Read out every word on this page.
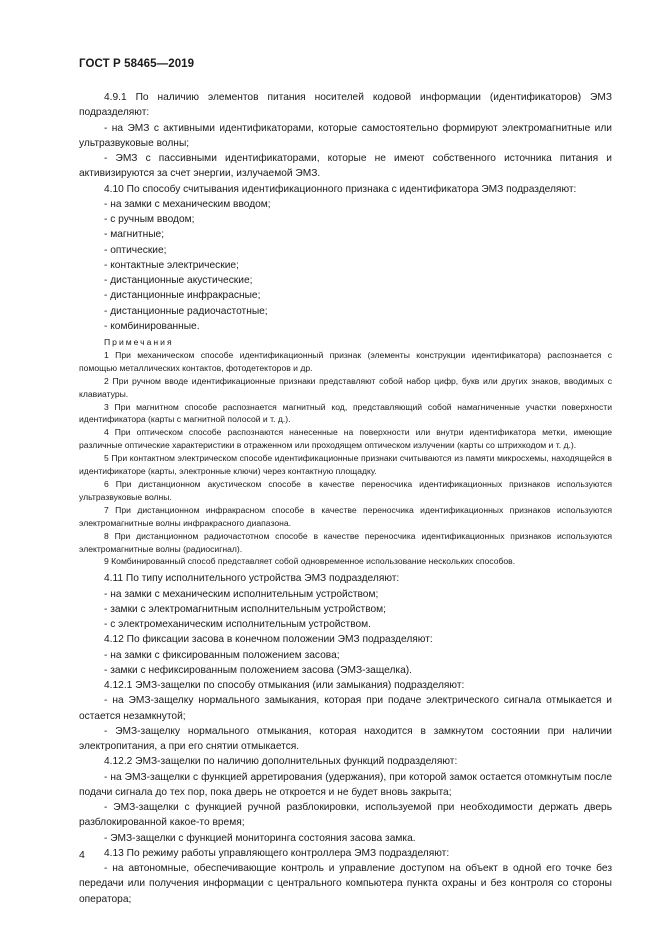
ГОСТ Р 58465—2019

4.9.1 По наличию элементов питания носителей кодовой информации (идентификаторов) ЭМЗ подразделяют:

- на ЭМЗ с активными идентификаторами, которые самостоятельно формируют электромагнитные или ультразвуковые волны;

- ЭМЗ с пассивными идентификаторами, которые не имеют собственного источника питания и активизируются за счет энергии, излучаемой ЭМЗ.

4.10 По способу считывания идентификационного признака с идентификатора ЭМЗ подразделяют:

- на замки с механическим вводом;

- с ручным вводом;

- магнитные;

- оптические;

- контактные электрические;

- дистанционные акустические;

- дистанционные инфракрасные;

- дистанционные радиочастотные;

- комбинированные.

Примечания

1 При механическом способе идентификационный признак (элементы конструкции идентификатора) распознается с помощью металлических контактов, фотодетекторов и др.

2 При ручном вводе идентификационные признаки представляют собой набор цифр, букв или других знаков, вводимых с клавиатуры.

3 При магнитном способе распознается магнитный код, представляющий собой намагниченные участки поверхности идентификатора (карты с магнитной полосой и т. д.).

4 При оптическом способе распознаются нанесенные на поверхности или внутри идентификатора метки, имеющие различные оптические характеристики в отраженном или проходящем оптическом излучении (карты со штрихкодом и т. д.).

5 При контактном электрическом способе идентификационные признаки считываются из памяти микросхемы, находящейся в идентификаторе (карты, электронные ключи) через контактную площадку.

6 При дистанционном акустическом способе в качестве переносчика идентификационных признаков используются ультразвуковые волны.

7 При дистанционном инфракрасном способе в качестве переносчика идентификационных признаков используются электромагнитные волны инфракрасного диапазона.

8 При дистанционном радиочастотном способе в качестве переносчика идентификационных признаков используются электромагнитные волны (радиосигнал).

9 Комбинированный способ представляет собой одновременное использование нескольких способов.

4.11 По типу исполнительного устройства ЭМЗ подразделяют:

- на замки с механическим исполнительным устройством;

- замки с электромагнитным исполнительным устройством;

- с электромеханическим исполнительным устройством.

4.12 По фиксации засова в конечном положении ЭМЗ подразделяют:

- на замки с фиксированным положением засова;

- замки с нефиксированным положением засова (ЭМЗ-защелка).

4.12.1 ЭМЗ-защелки по способу отмыкания (или замыкания) подразделяют:

- на ЭМЗ-защелку нормального замыкания, которая при подаче электрического сигнала отмыкается и остается незамкнутой;

- ЭМЗ-защелку нормального отмыкания, которая находится в замкнутом состоянии при наличии электропитания, а при его снятии отмыкается.

4.12.2 ЭМЗ-защелки по наличию дополнительных функций подразделяют:

- на ЭМЗ-защелки с функцией арретирования (удержания), при которой замок остается отомкнутым после подачи сигнала до тех пор, пока дверь не откроется и не будет вновь закрыта;

- ЭМЗ-защелки с функцией ручной разблокировки, используемой при необходимости держать дверь разблокированной какое-то время;

- ЭМЗ-защелки с функцией мониторинга состояния засова замка.

4.13 По режиму работы управляющего контроллера ЭМЗ подразделяют:

- на автономные, обеспечивающие контроль и управление доступом на объект в одной его точке без передачи или получения информации с центрального компьютера пункта охраны и без контроля со стороны оператора;

4
